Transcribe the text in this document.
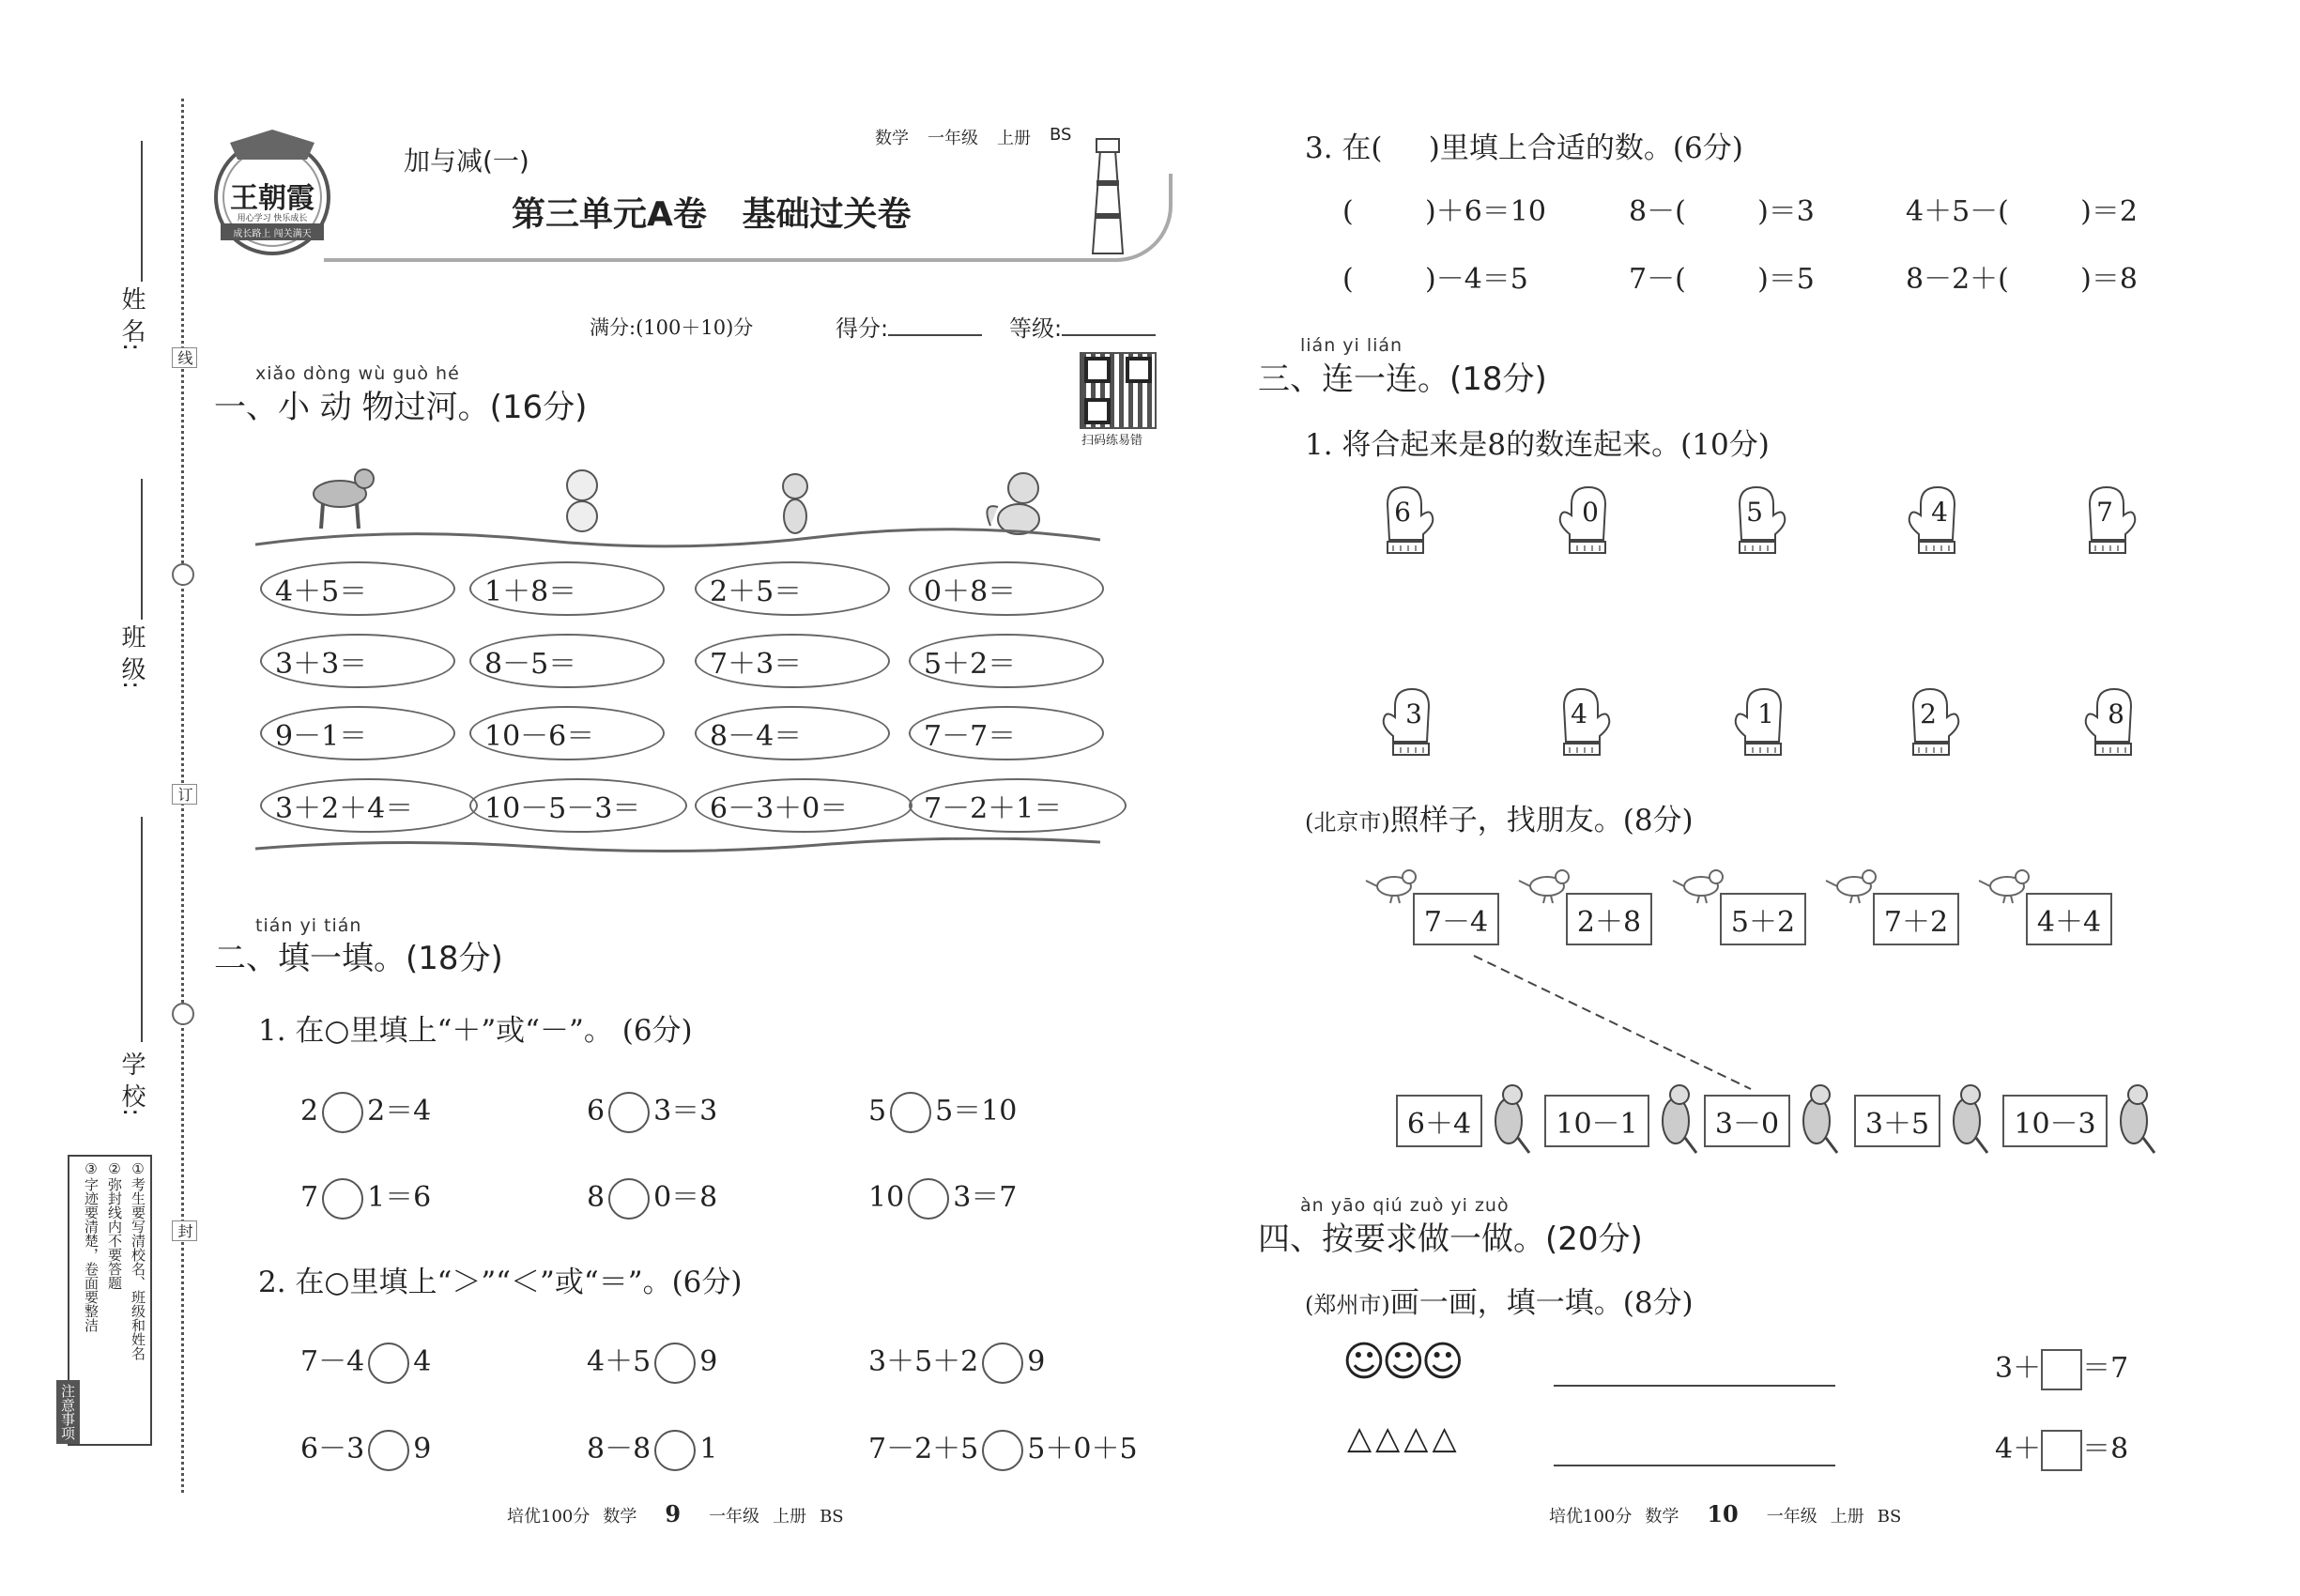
姓 名:
班 级:
学 校:
线
订
封
①考生要写清校名、班级和姓名
②弥封线内不要答题
③字迹要清楚，卷面要整洁
注意事项
王朝霞
用心学习 快乐成长
成长路上 闯关满天
加与减(一)
数学 一年级 上册 BS
第三单元A卷   基础过关卷
满分:(100＋10)分	得分:	等级:
扫码练易错
xiǎo dòng wù guò hé
一、小 动 物过河。(16分)
4＋5＝	1＋8＝	2＋5＝	0＋8＝
3＋3＝	8－5＝	7＋3＝	5＋2＝
9－1＝	10－6＝	8－4＝	7－7＝
3＋2＋4＝	10－5－3＝	6－3＋0＝	7－2＋1＝
tián yi tián
二、填一填。(18分)
1. 在○里填上“＋”或“－”。 (6分)
2 2＝4	6 3＝3	5 5＝10
7 1＝6	8 0＝8	10 3＝7
2. 在○里填上“＞”“＜”或“＝”。(6分)
7－4 4	4＋5 9	3＋5＋2 9
6－3 9	8－8 1	7－2＋5 5＋0＋5
培优100分 数学	9	一年级 上册 BS
3. 在(     )里填上合适的数。(6分)
(        )＋6＝10	8－(        )＝3	4＋5－(        )＝2
(        )－4＝5	7－(        )＝5	8－2＋(        )＝8
lián yi lián
三、连一连。(18分)
1. 将合起来是8的数连起来。(10分)
6	0	5	4	7
3	4	1	2	8
(北京市)照样子，找朋友。(8分)
7－4	2＋8	5＋2	7＋2	4＋4
6＋4	10－1	3－0	3＋5	10－3
àn yāo qiú zuò yi zuò
四、按要求做一做。(20分)
(郑州市)画一画，填一填。(8分)
☺☺☺	3＋ ＝7
△△△△	4＋ ＝8
培优100分 数学	10	一年级 上册 BS
